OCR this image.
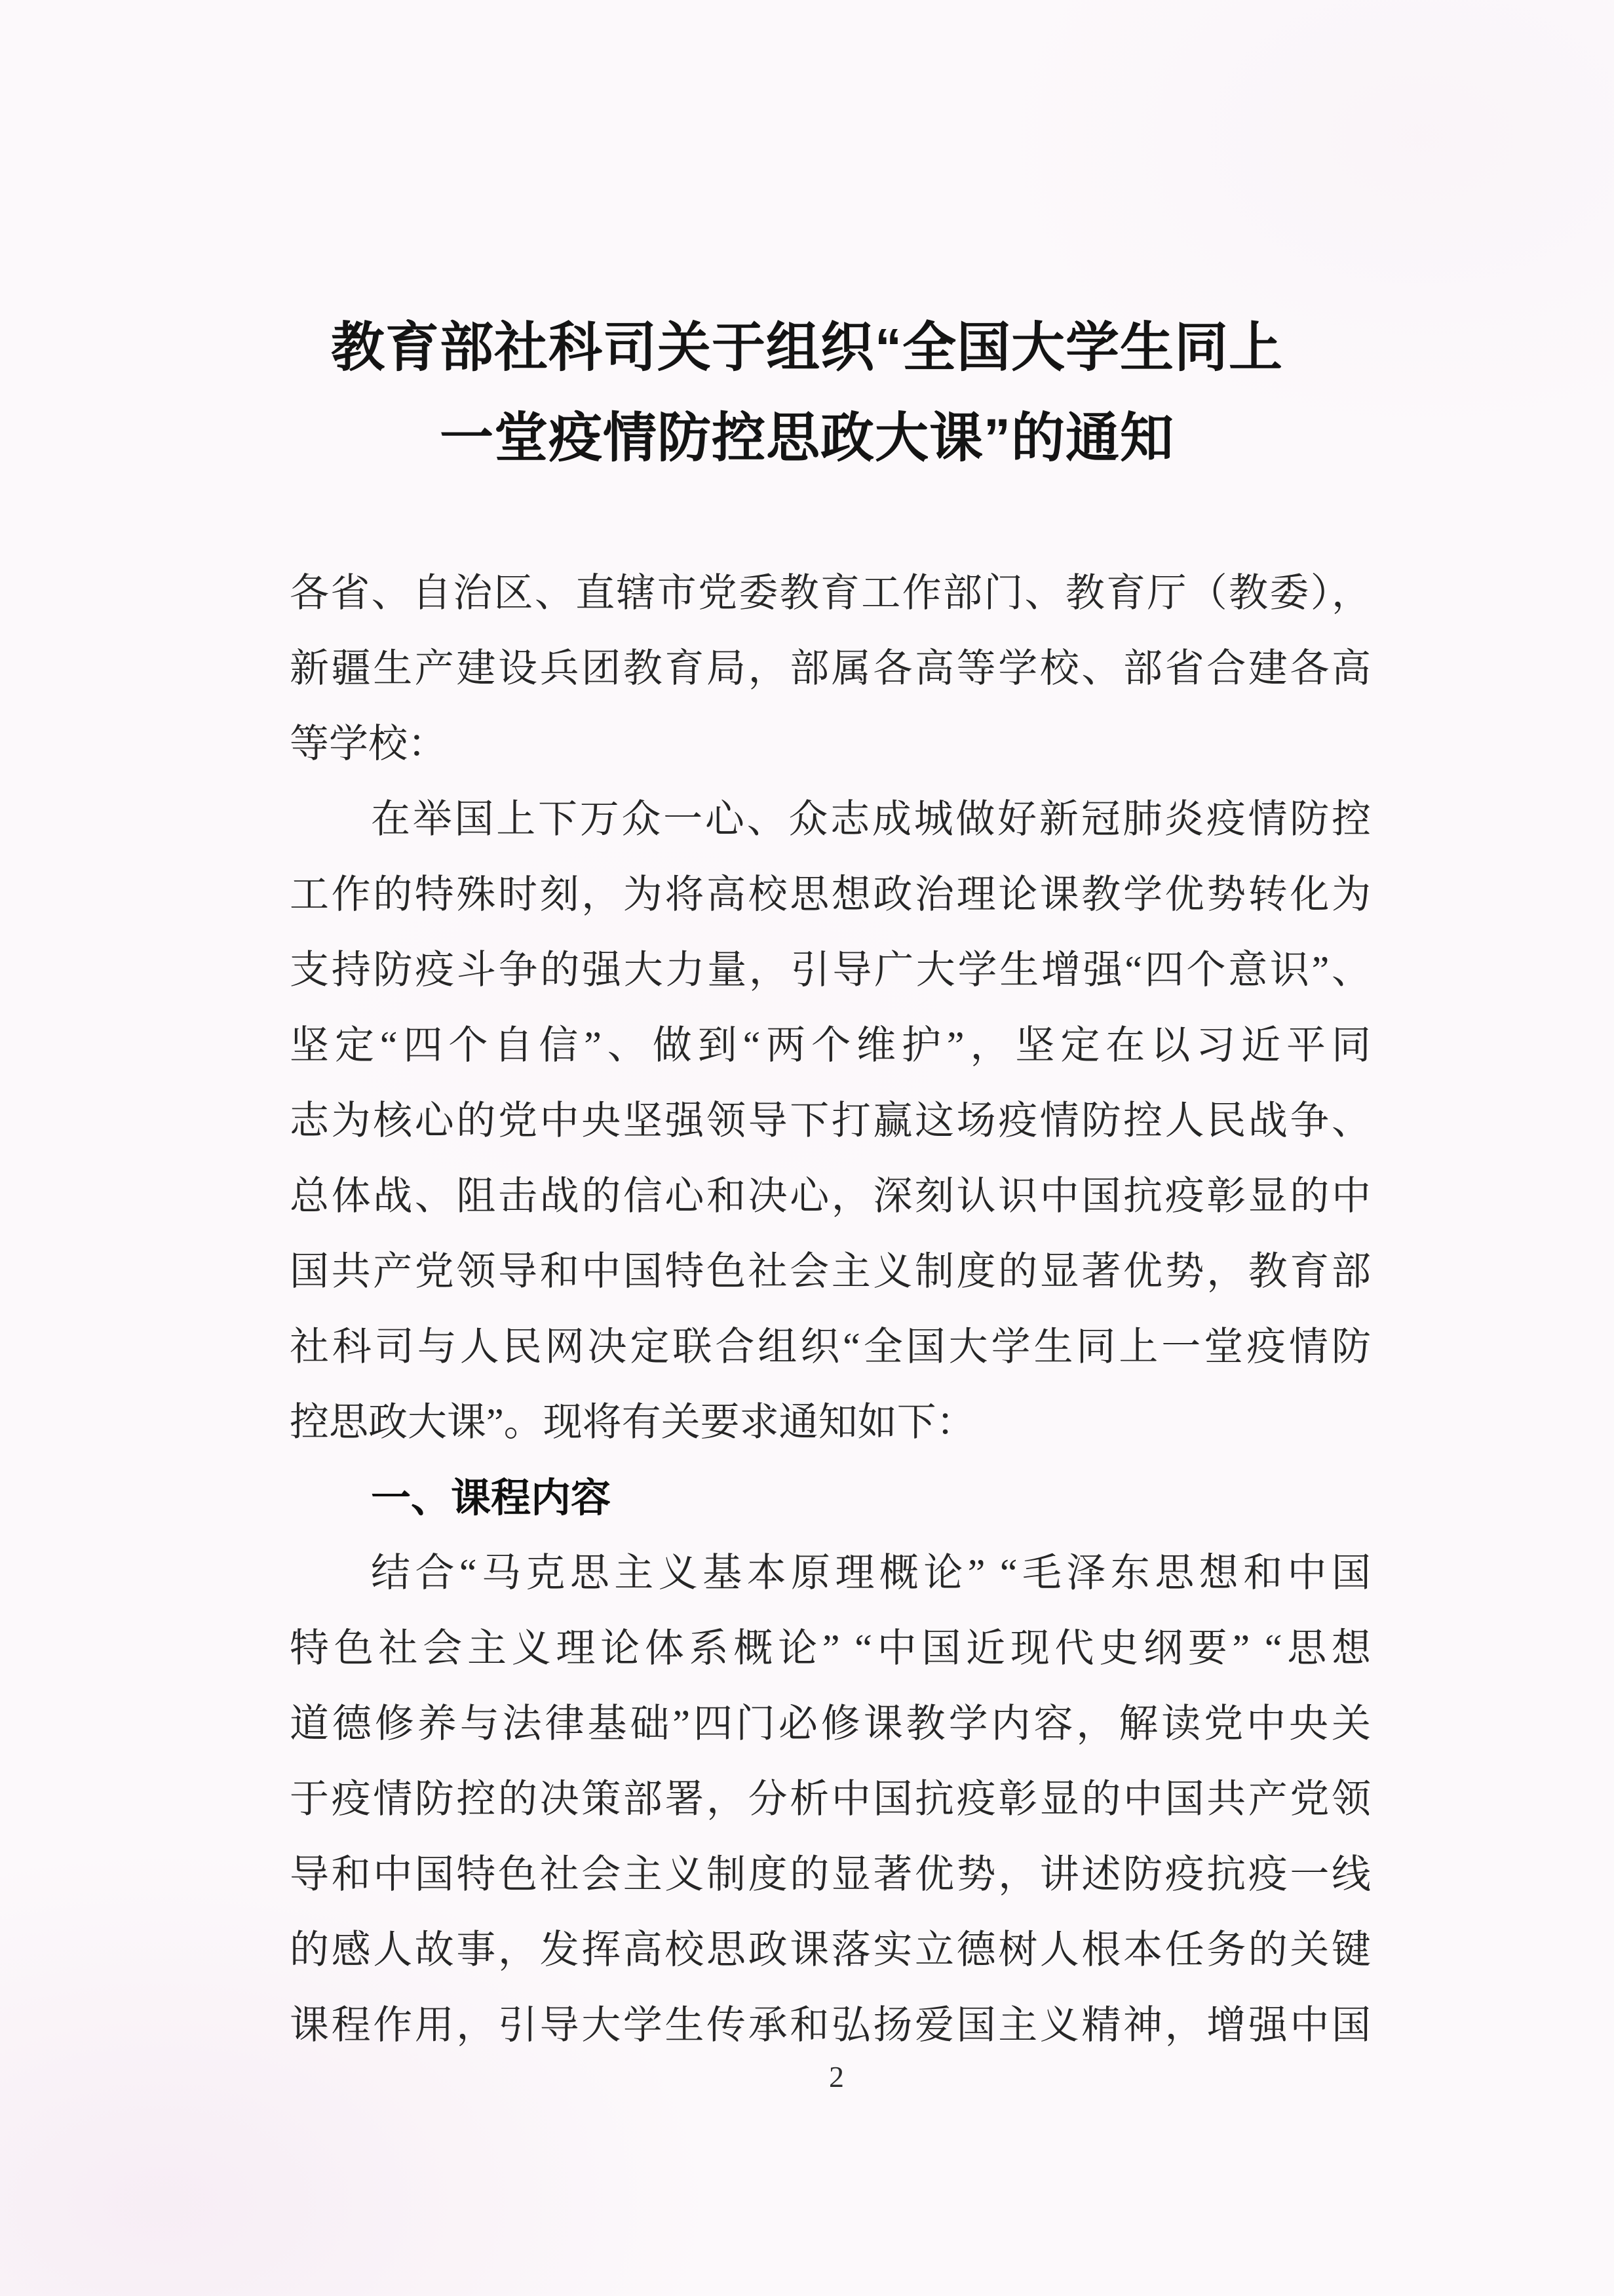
教育部社科司关于组织“全国大学生同上
一堂疫情防控思政大课”的通知
各省、自治区、直辖市党委教育工作部门、教育厅（教委），
新疆生产建设兵团教育局，部属各高等学校、部省合建各高
等学校：
在举国上下万众一心、众志成城做好新冠肺炎疫情防控
工作的特殊时刻，为将高校思想政治理论课教学优势转化为
支持防疫斗争的强大力量，引导广大学生增强“四个意识”、
坚定“四个自信”、做到“两个维护”，坚定在以习近平同
志为核心的党中央坚强领导下打赢这场疫情防控人民战争、
总体战、阻击战的信心和决心，深刻认识中国抗疫彰显的中
国共产党领导和中国特色社会主义制度的显著优势，教育部
社科司与人民网决定联合组织“全国大学生同上一堂疫情防
控思政大课”。现将有关要求通知如下：
一、课程内容
结合“马克思主义基本原理概论” “毛泽东思想和中国
特色社会主义理论体系概论” “中国近现代史纲要” “思想
道德修养与法律基础”四门必修课教学内容，解读党中央关
于疫情防控的决策部署，分析中国抗疫彰显的中国共产党领
导和中国特色社会主义制度的显著优势，讲述防疫抗疫一线
的感人故事，发挥高校思政课落实立德树人根本任务的关键
课程作用，引导大学生传承和弘扬爱国主义精神，增强中国
2
